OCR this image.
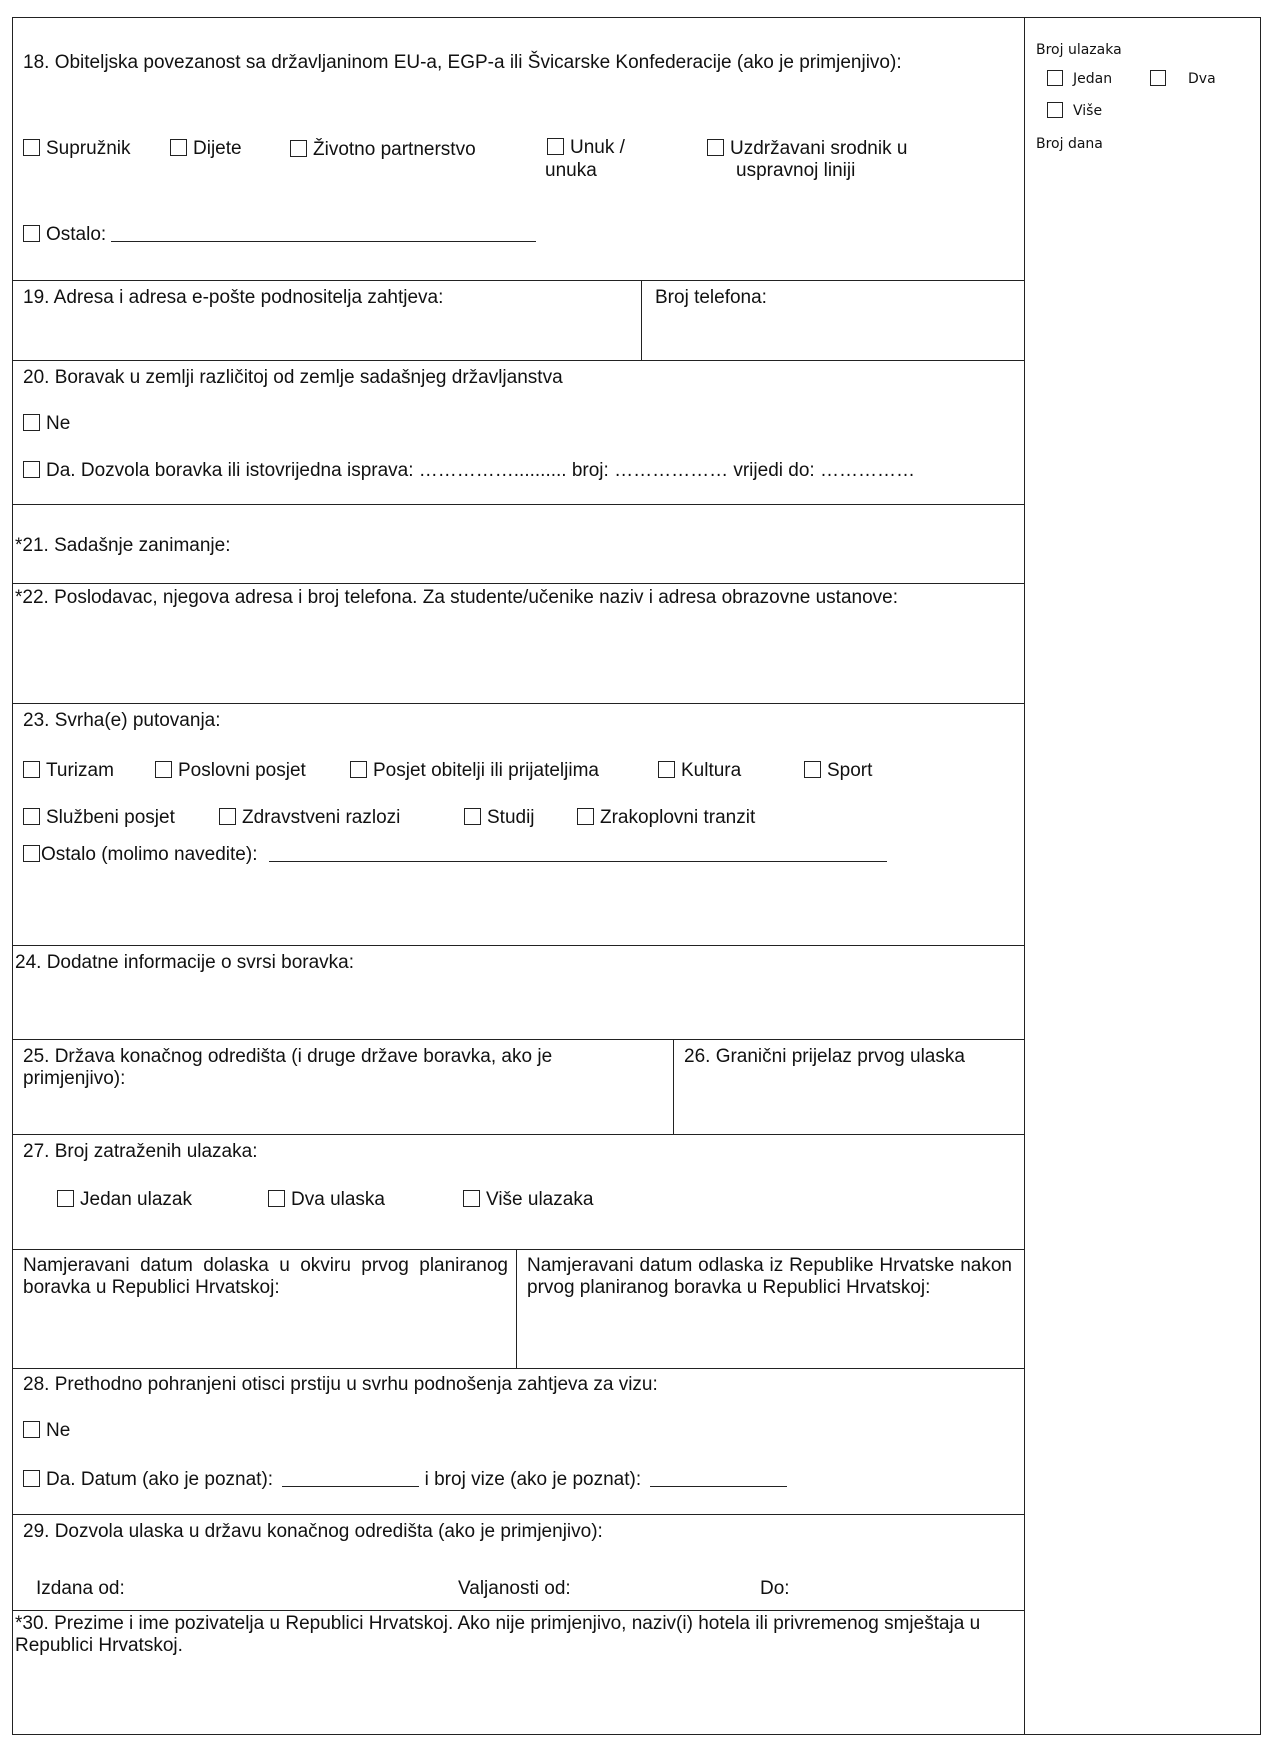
18. Obiteljska povezanost sa državljaninom EU-a, EGP-a ili Švicarske Konfederacije (ako je primjenjivo):
Supružnik	Dijete	Životno partnerstvo	Unuk /
unuka
Uzdržavani srodnik u
uspravnoj liniji
Ostalo:
19. Adresa i adresa e-pošte podnositelja zahtjeva:	Broj telefona:
20. Boravak u zemlji različitoj od zemlje sadašnjeg državljanstva
Ne
Da. Dozvola boravka ili istovrijedna isprava: …………….......... broj: ……………… vrijedi do: ……………
*21. Sadašnje zanimanje:
*22. Poslodavac, njegova adresa i broj telefona. Za studente/učenike naziv i adresa obrazovne ustanove:
23. Svrha(e) putovanja:
Turizam	Poslovni posjet	Posjet obitelji ili prijateljima	Kultura	Sport
Službeni posjet	Zdravstveni razlozi	Studij	Zrakoplovni tranzit
Ostalo (molimo navedite):
24. Dodatne informacije o svrsi boravka:
25. Država konačnog odredišta (i druge države boravka, ako je primjenjivo):
26. Granični prijelaz prvog ulaska
27. Broj zatraženih ulazaka:
Jedan ulazak	Dva ulaska	Više ulazaka
Namjeravani datum dolaska u okviru prvog planiranog boravka u Republici Hrvatskoj:
Namjeravani datum odlaska iz Republike Hrvatske nakon prvog planiranog boravka u Republici Hrvatskoj:
28. Prethodno pohranjeni otisci prstiju u svrhu podnošenja zahtjeva za vizu:
Ne
Da. Datum (ako je poznat):	i broj vize (ako je poznat):
29. Dozvola ulaska u državu konačnog odredišta (ako je primjenjivo):
Izdana od:	Valjanosti od:	Do:
*30. Prezime i ime pozivatelja u Republici Hrvatskoj. Ako nije primjenjivo, naziv(i) hotela ili privremenog smještaja u Republici Hrvatskoj.
Broj ulazaka
Jedan	Dva
Više
Broj dana
